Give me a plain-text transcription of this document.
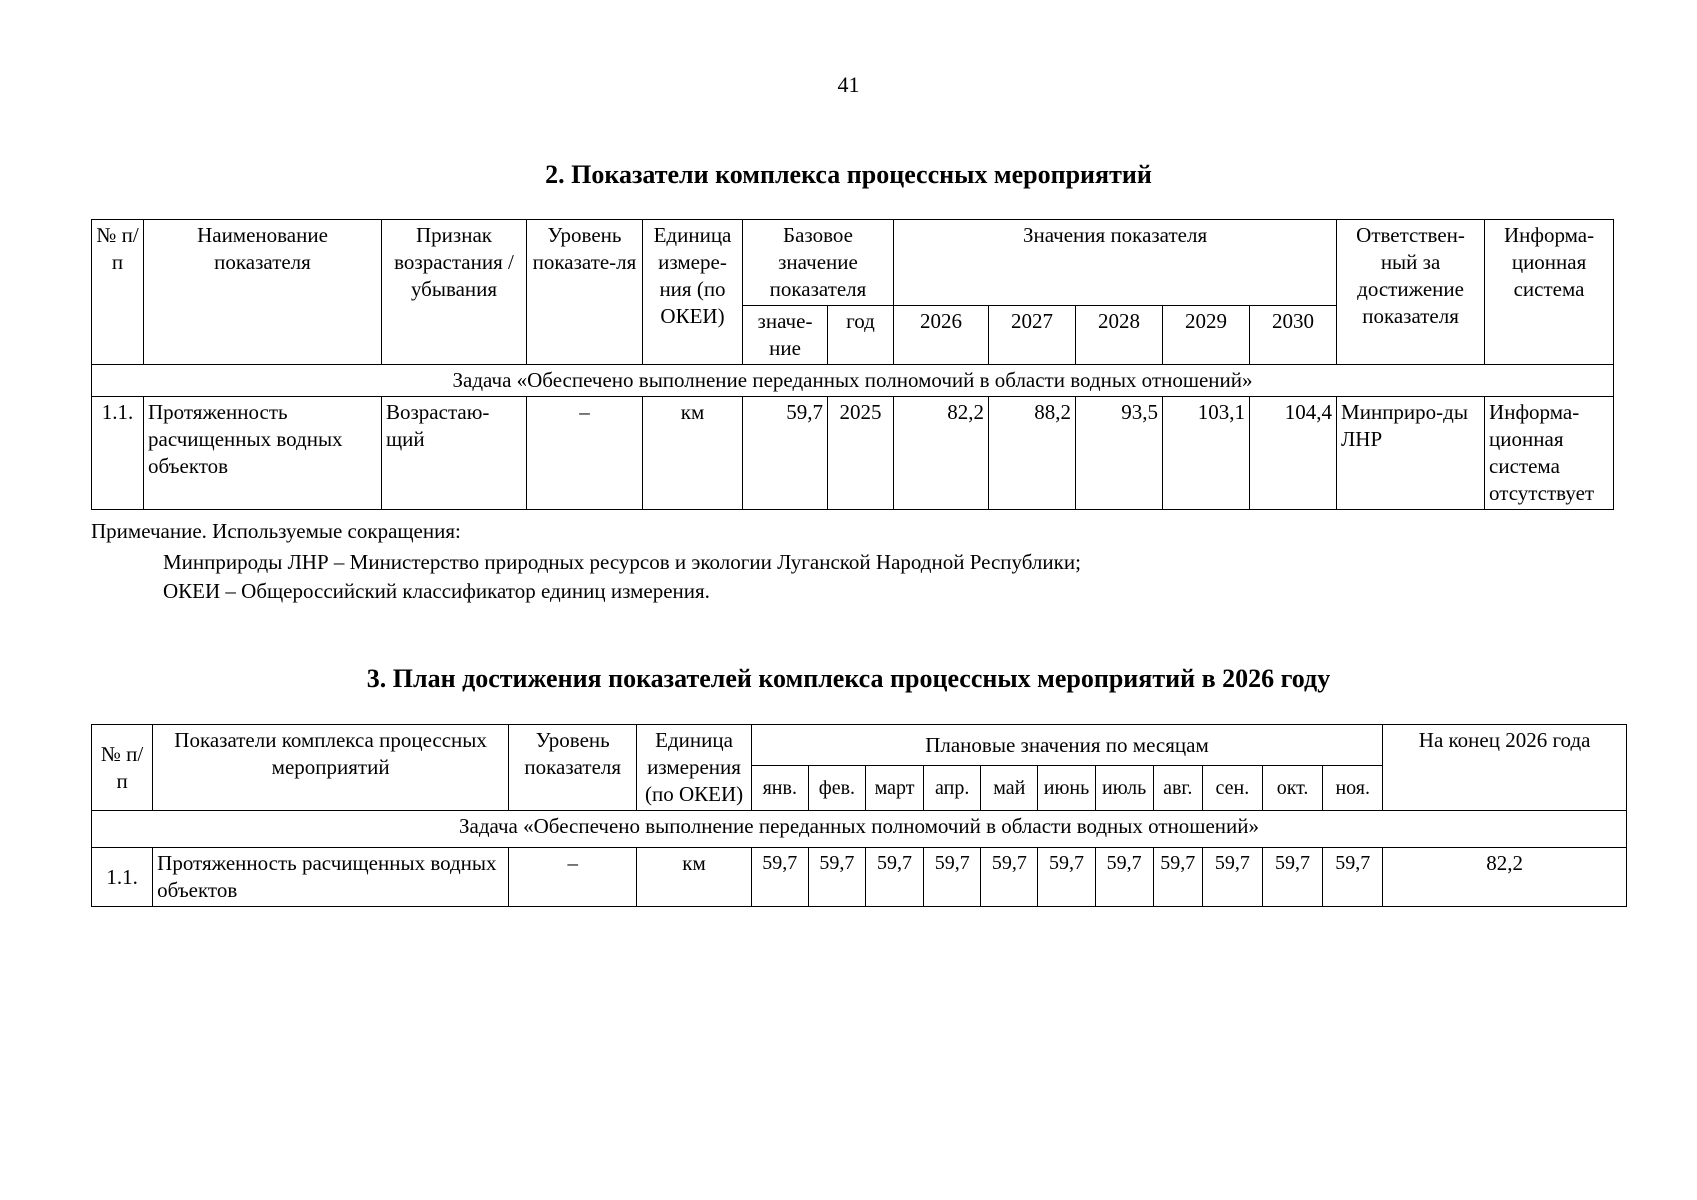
41
2. Показатели комплекса процессных мероприятий
№ п/п	Наименование показателя	Признак возрастания / убывания	Уровень показате-ля	Единица измере-ния (по ОКЕИ)	Базовое значение показателя		Значения показателя					Ответствен-ный за достижение показателя	Информа-ционная система
					значе-ние	год	2026	2027	2028	2029	2030		
Задача «Обеспечено выполнение переданных полномочий в области водных отношений»													
1.1.	Протяженность расчищенных водных объектов	Возрастаю-щий	–	км	59,7	2025	82,2	88,2	93,5	103,1	104,4	Минприро-ды ЛНР	Информа-ционная система отсутствует
Примечание. Используемые сокращения:
Минприроды ЛНР – Министерство природных ресурсов и экологии Луганской Народной Республики;
ОКЕИ – Общероссийский классификатор единиц измерения.
3. План достижения показателей комплекса процессных мероприятий в 2026 году
№ п/п	Показатели комплекса процессных мероприятий	Уровень показателя	Единица измерения (по ОКЕИ)	Плановые значения по месяцам											На конец 2026 года
				янв.	фев.	март	апр.	май	июнь	июль	авг.	сен.	окт.	ноя.	
Задача «Обеспечено выполнение переданных полномочий в области водных отношений»															
1.1.	Протяженность расчищенных водных объектов	–	км	59,7	59,7	59,7	59,7	59,7	59,7	59,7	59,7	59,7	59,7	59,7	82,2
